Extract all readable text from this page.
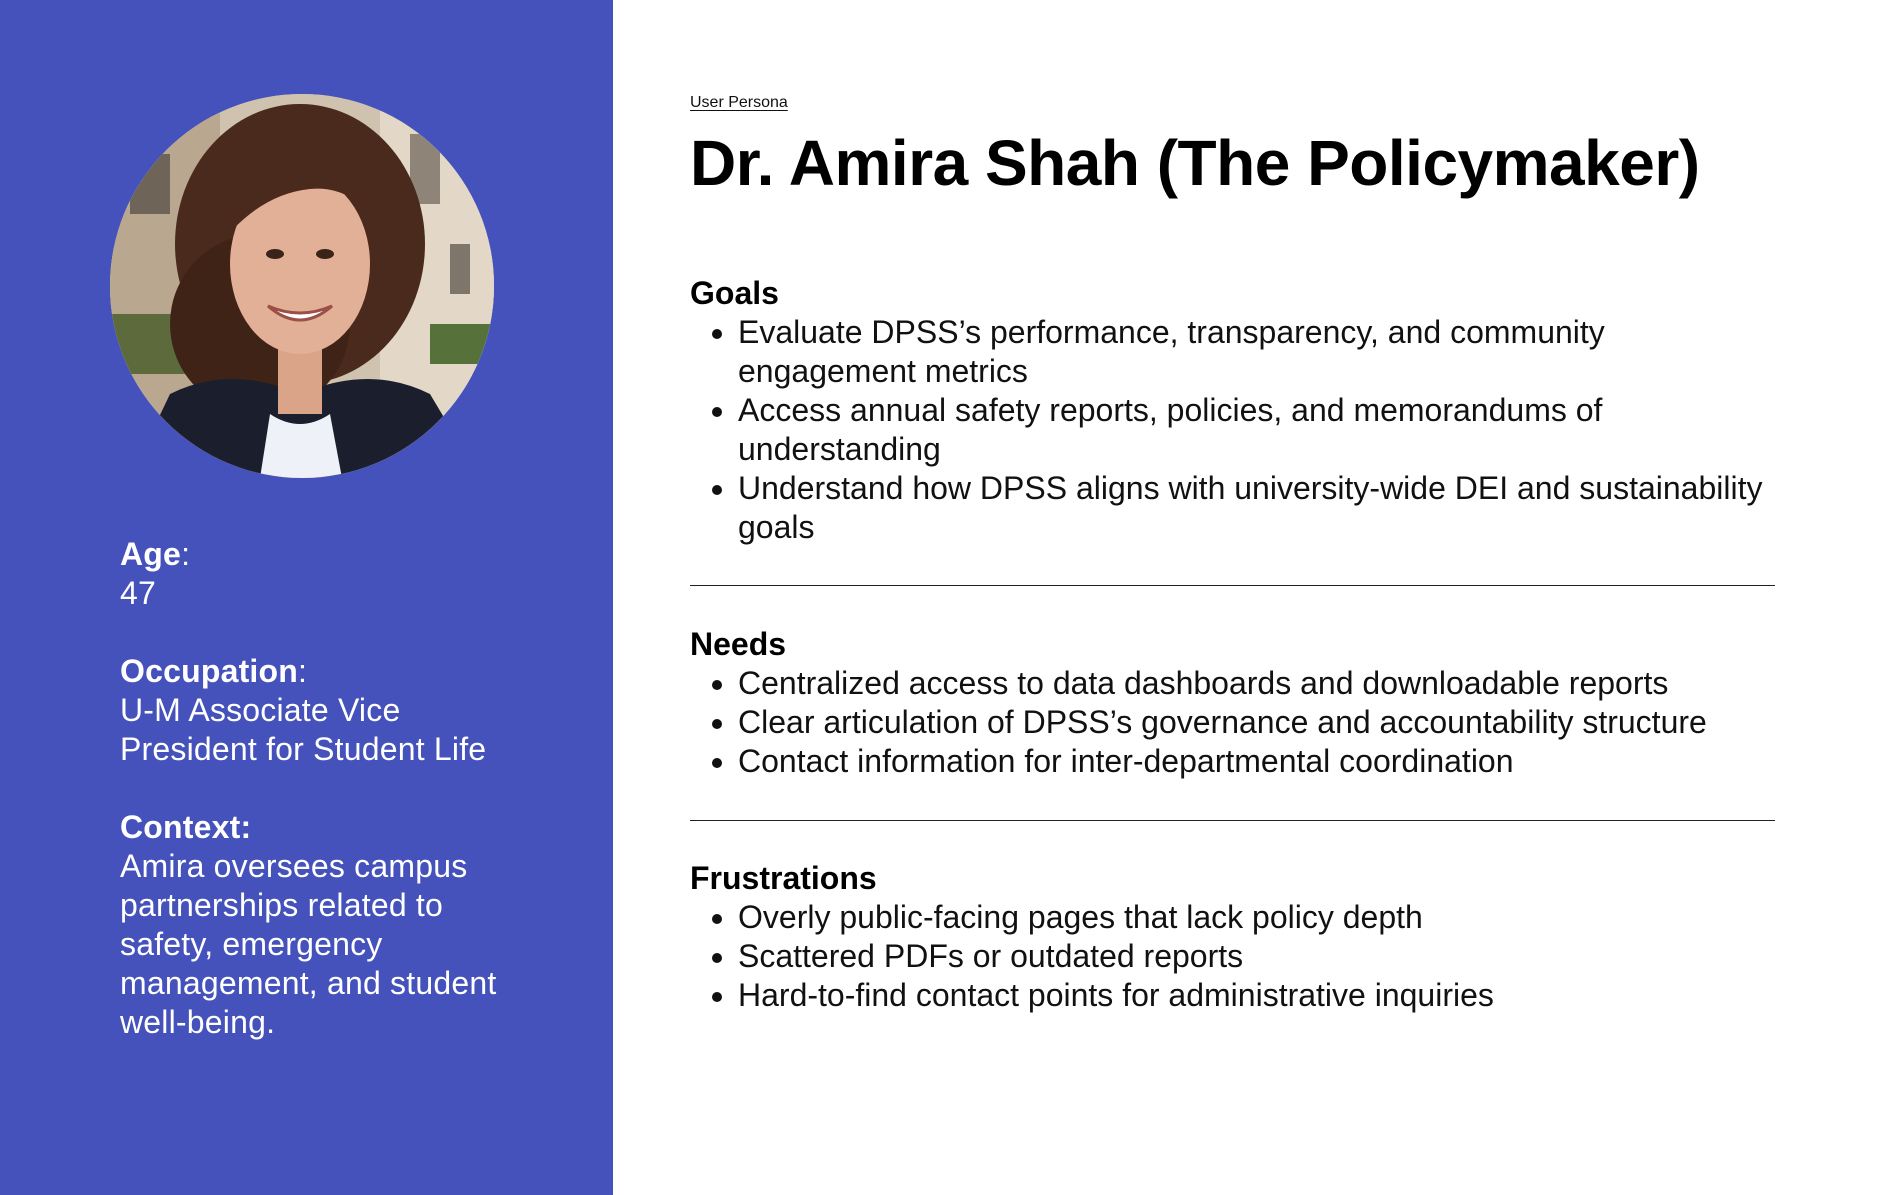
Age:
47
Occupation:
U-M Associate Vice President for Student Life
Context:
Amira oversees campus partnerships related to safety, emergency management, and student well-being.
User Persona
Dr. Amira Shah (The Policymaker)
Goals
• Evaluate DPSS’s performance, transparency, and community engagement metrics
• Access annual safety reports, policies, and memorandums of understanding
• Understand how DPSS aligns with university-wide DEI and sustainability goals
Needs
• Centralized access to data dashboards and downloadable reports
• Clear articulation of DPSS’s governance and accountability structure
• Contact information for inter-departmental coordination
Frustrations
• Overly public-facing pages that lack policy depth
• Scattered PDFs or outdated reports
• Hard-to-find contact points for administrative inquiries
